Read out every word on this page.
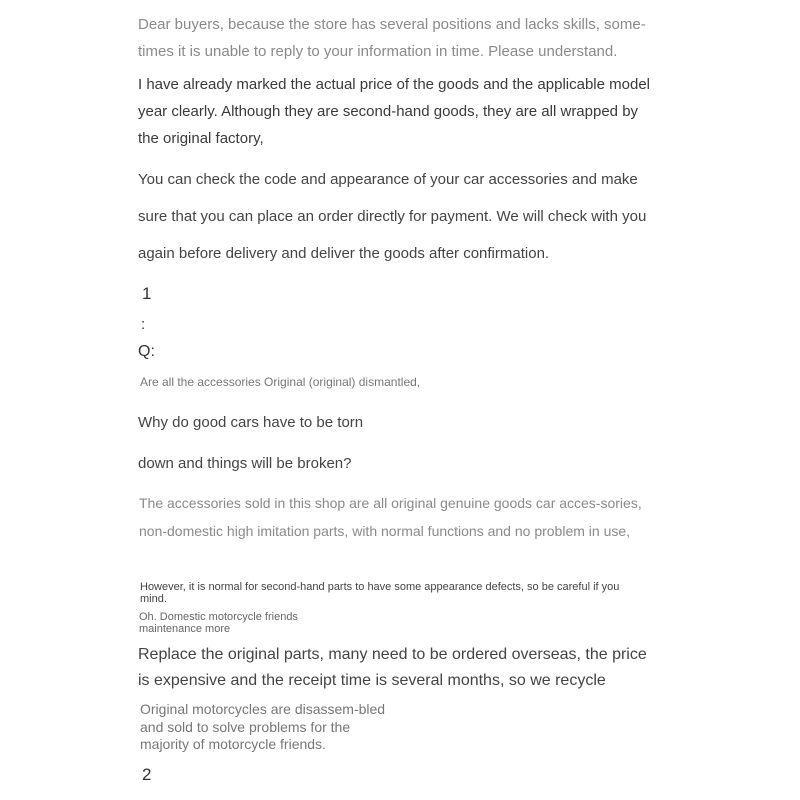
Dear buyers, because the store has several positions and lacks skills, some-times it is unable to reply to your information in time. Please understand.

I have already marked the actual price of the goods and the applicable model year clearly. Although they are second-hand goods, they are all wrapped by the original factory,

You can check the code and appearance of your car accessories and make sure that you can place an order directly for payment. We will check with you again before delivery and deliver the goods after confirmation.

1
:
Q:

Are all the accessories Original (original) dismantled,

Why do good cars have to be torn
down and things will be broken?

The accessories sold in this shop are all original genuine goods car acces-sories, non-domestic high imitation parts, with normal functions and no problem in use,

However, it is normal for second-hand parts to have some appearance defects, so be careful if you mind.

Oh. Domestic motorcycle friends
maintenance more

Replace the original parts, many need to be ordered overseas, the price is expensive and the receipt time is several months, so we recycle

Original motorcycles are disassem-bled and sold to solve problems for the majority of motorcycle friends.

2
